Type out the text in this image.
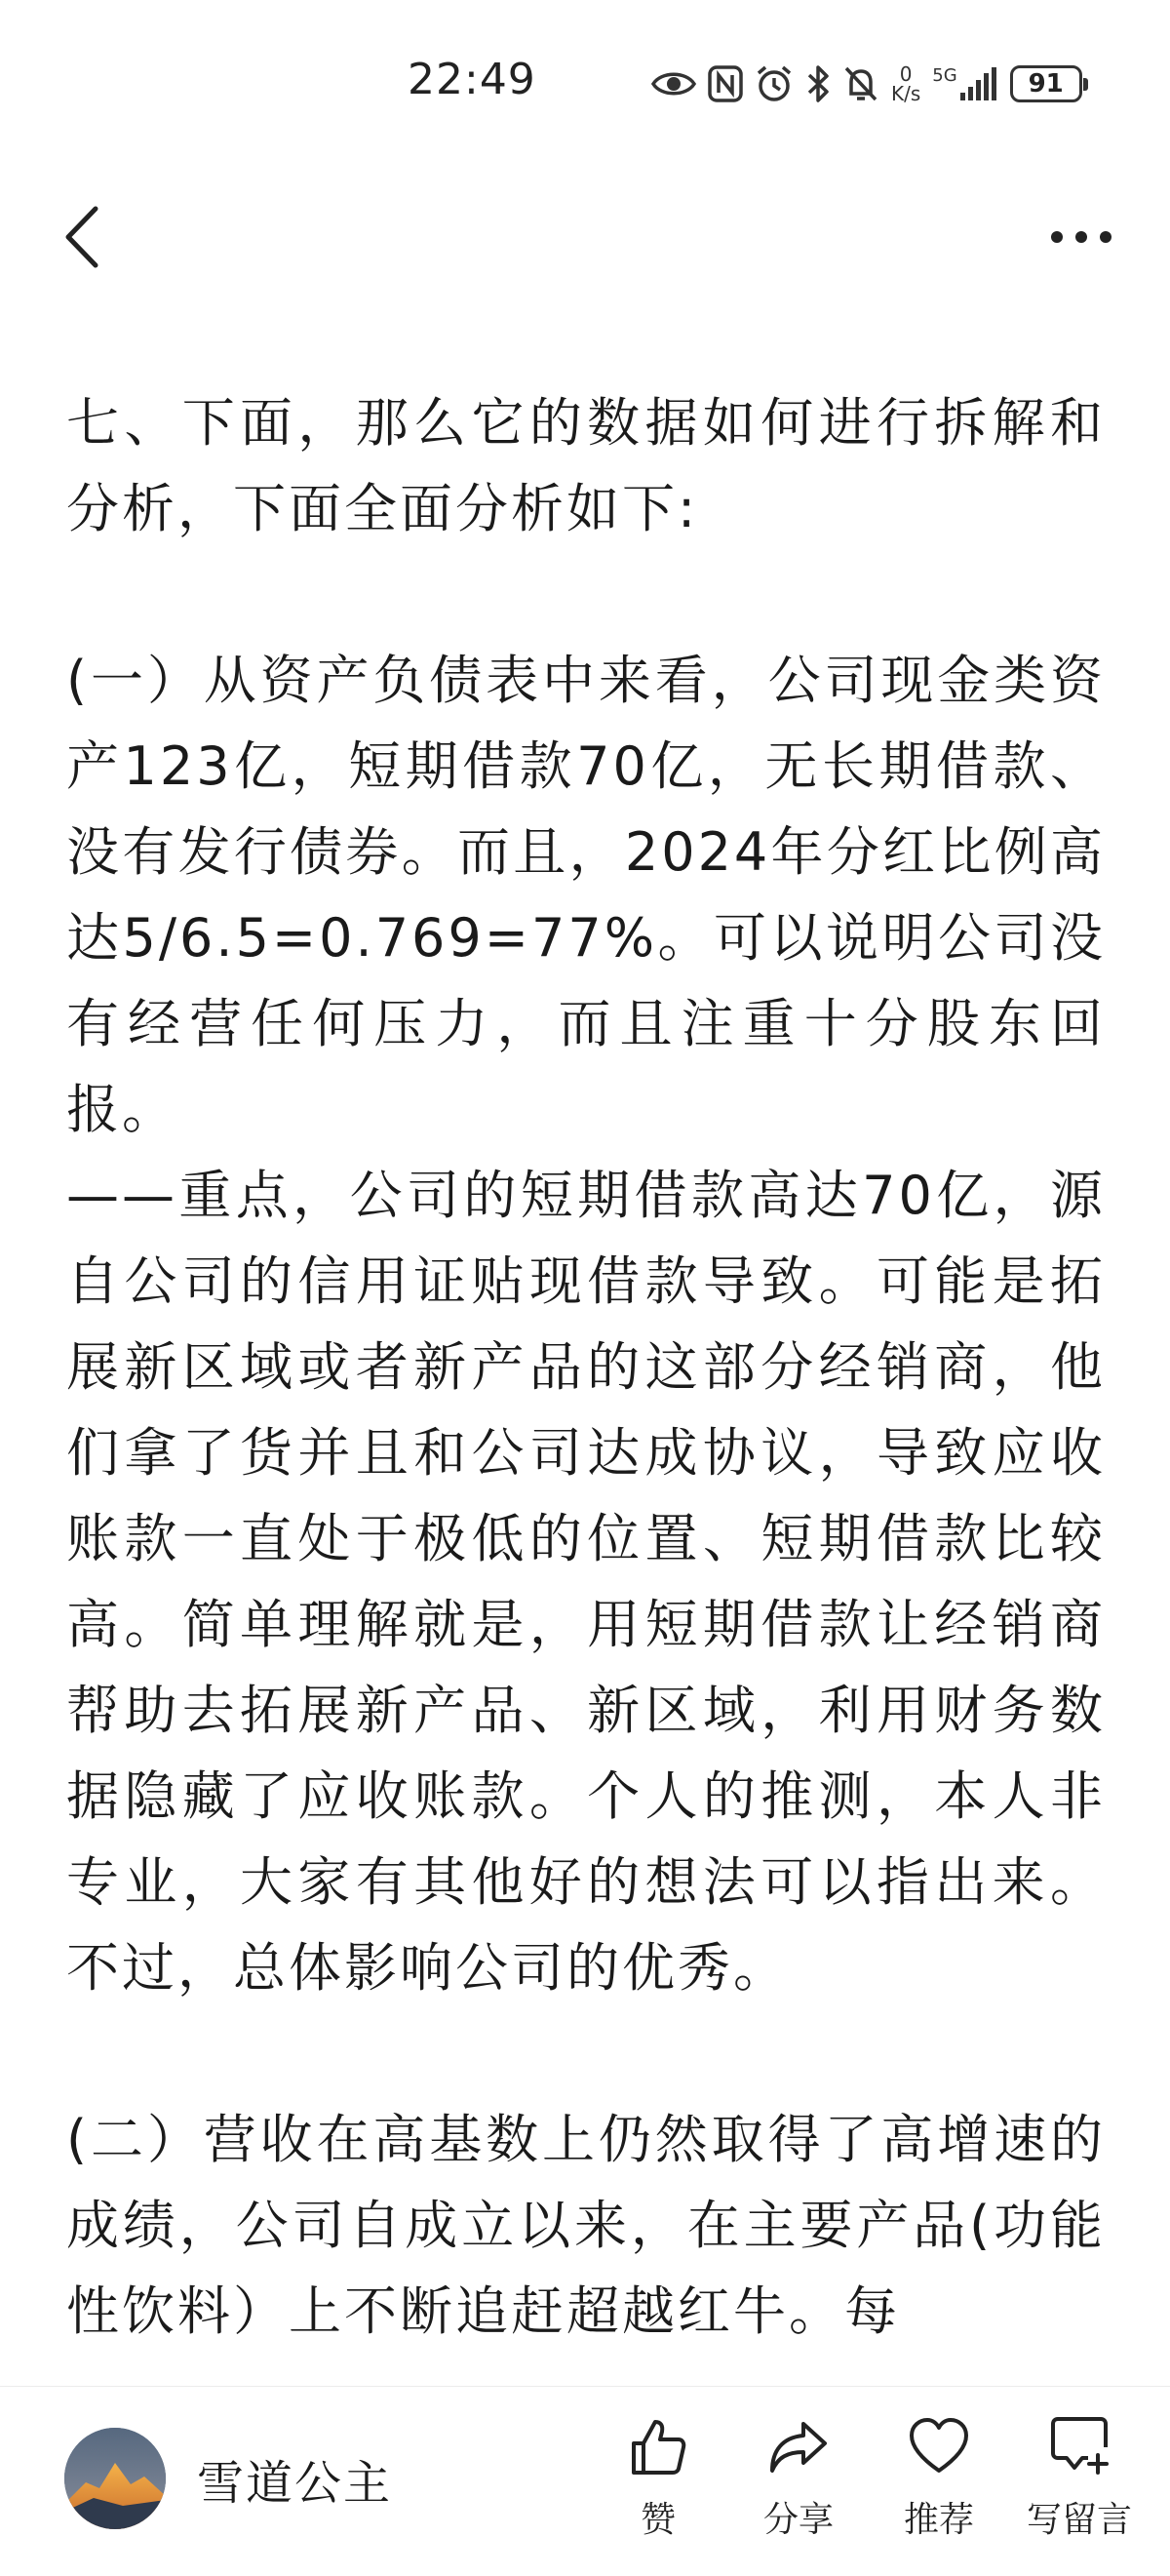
22:49	0
K/s
5G	91

七、下面，那么它的数据如何进行拆解和分析，下面全面分析如下:

(一）从资产负债表中来看，公司现金类资产123亿，短期借款70亿，无长期借款、没有发行债券。而且，2024年分红比例高达5/6.5=0.769=77%。可以说明公司没有经营任何压力，而且注重十分股东回报。

——重点，公司的短期借款高达70亿，源自公司的信用证贴现借款导致。可能是拓展新区域或者新产品的这部分经销商，他们拿了货并且和公司达成协议，导致应收账款一直处于极低的位置、短期借款比较高。简单理解就是，用短期借款让经销商帮助去拓展新产品、新区域，利用财务数据隐藏了应收账款。个人的推测，本人非专业，大家有其他好的想法可以指出来。不过，总体影响公司的优秀。

(二）营收在高基数上仍然取得了高增速的成绩，公司自成立以来，在主要产品(功能性饮料）上不断追赶超越红牛。每

雪道公主
赞 分享 推荐 写留言
